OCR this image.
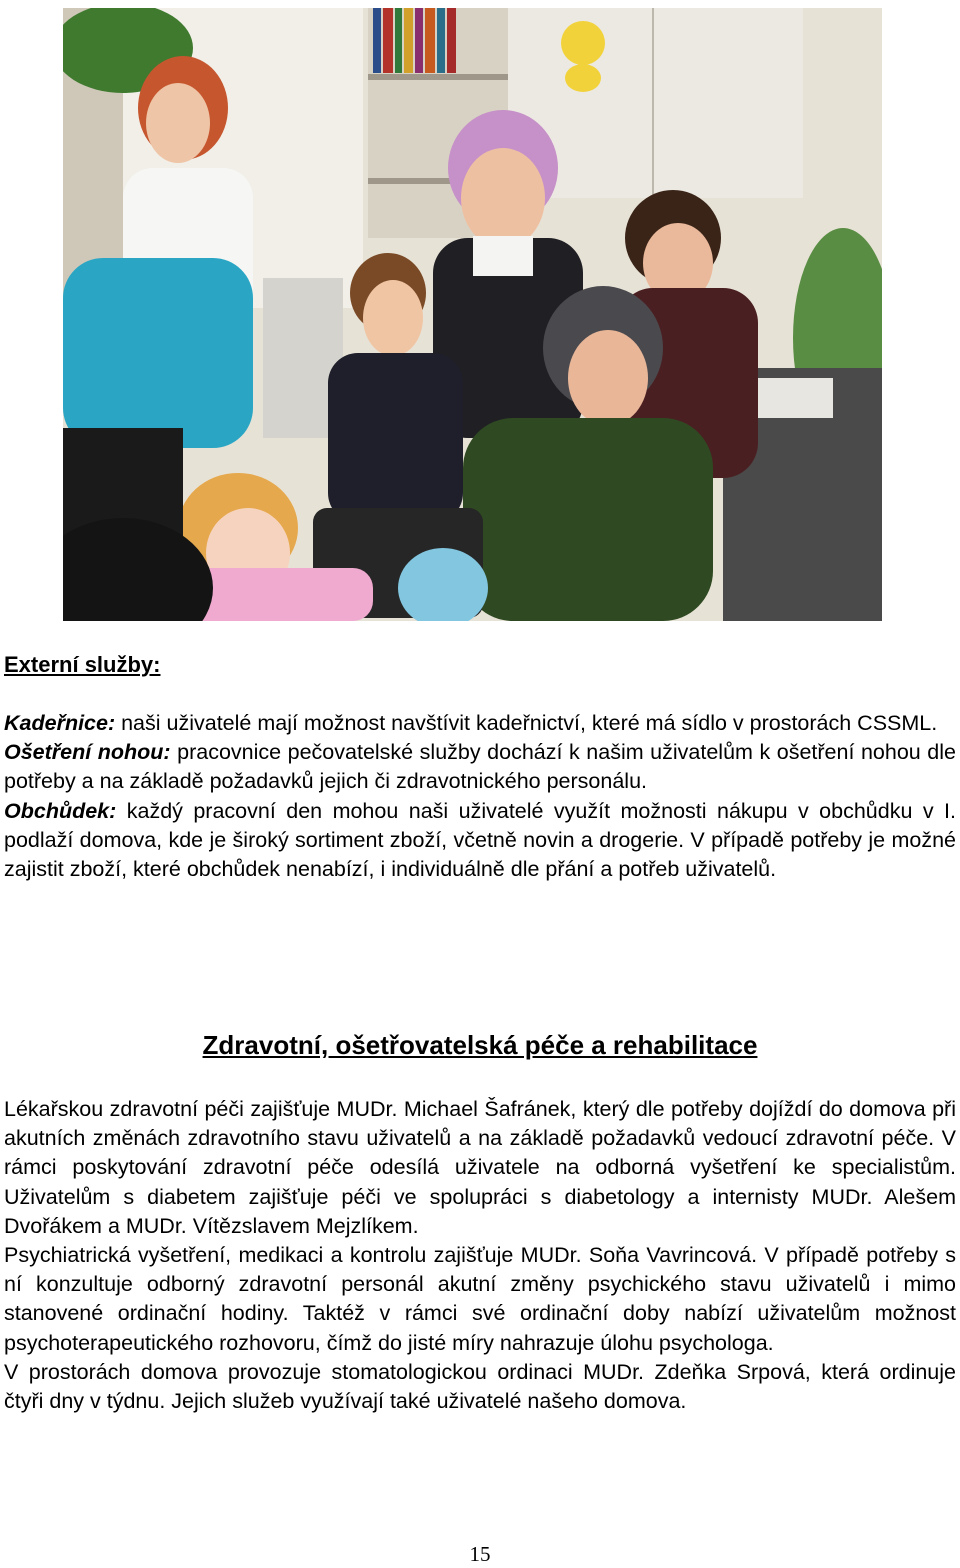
Externí služby:

Kadeřnice: naši uživatelé mají možnost navštívit kadeřnictví, které má sídlo v prostorách CSSML.

Ošetření nohou: pracovnice pečovatelské služby dochází k našim uživatelům k ošetření nohou dle potřeby a na základě požadavků jejich či zdravotnického personálu.

Obchůdek: každý pracovní den mohou naši uživatelé využít možnosti nákupu v obchůdku v I. podlaží domova, kde je široký sortiment zboží, včetně novin a drogerie. V případě potřeby je možné zajistit zboží, které obchůdek nenabízí, i individuálně dle přání a potřeb uživatelů.

Zdravotní, ošetřovatelská péče a rehabilitace

Lékařskou zdravotní péči zajišťuje MUDr. Michael Šafránek, který dle potřeby dojíždí do domova při akutních změnách zdravotního stavu uživatelů a na základě požadavků vedoucí zdravotní péče. V rámci poskytování zdravotní péče odesílá uživatele na odborná vyšetření ke specialistům. Uživatelům s diabetem zajišťuje péči ve spolupráci s diabetology a internisty MUDr. Alešem Dvořákem a MUDr. Vítězslavem Mejzlíkem.

Psychiatrická vyšetření, medikaci a kontrolu zajišťuje MUDr. Soňa Vavrincová. V případě potřeby s ní konzultuje odborný zdravotní personál akutní změny psychického stavu uživatelů i mimo stanovené ordinační hodiny. Taktéž v rámci své ordinační doby nabízí uživatelům možnost psychoterapeutického rozhovoru, čímž do jisté míry nahrazuje úlohu psychologa.

V prostorách domova provozuje stomatologickou ordinaci MUDr. Zdeňka Srpová, která ordinuje čtyři dny v týdnu. Jejich služeb využívají také uživatelé našeho domova.

15
